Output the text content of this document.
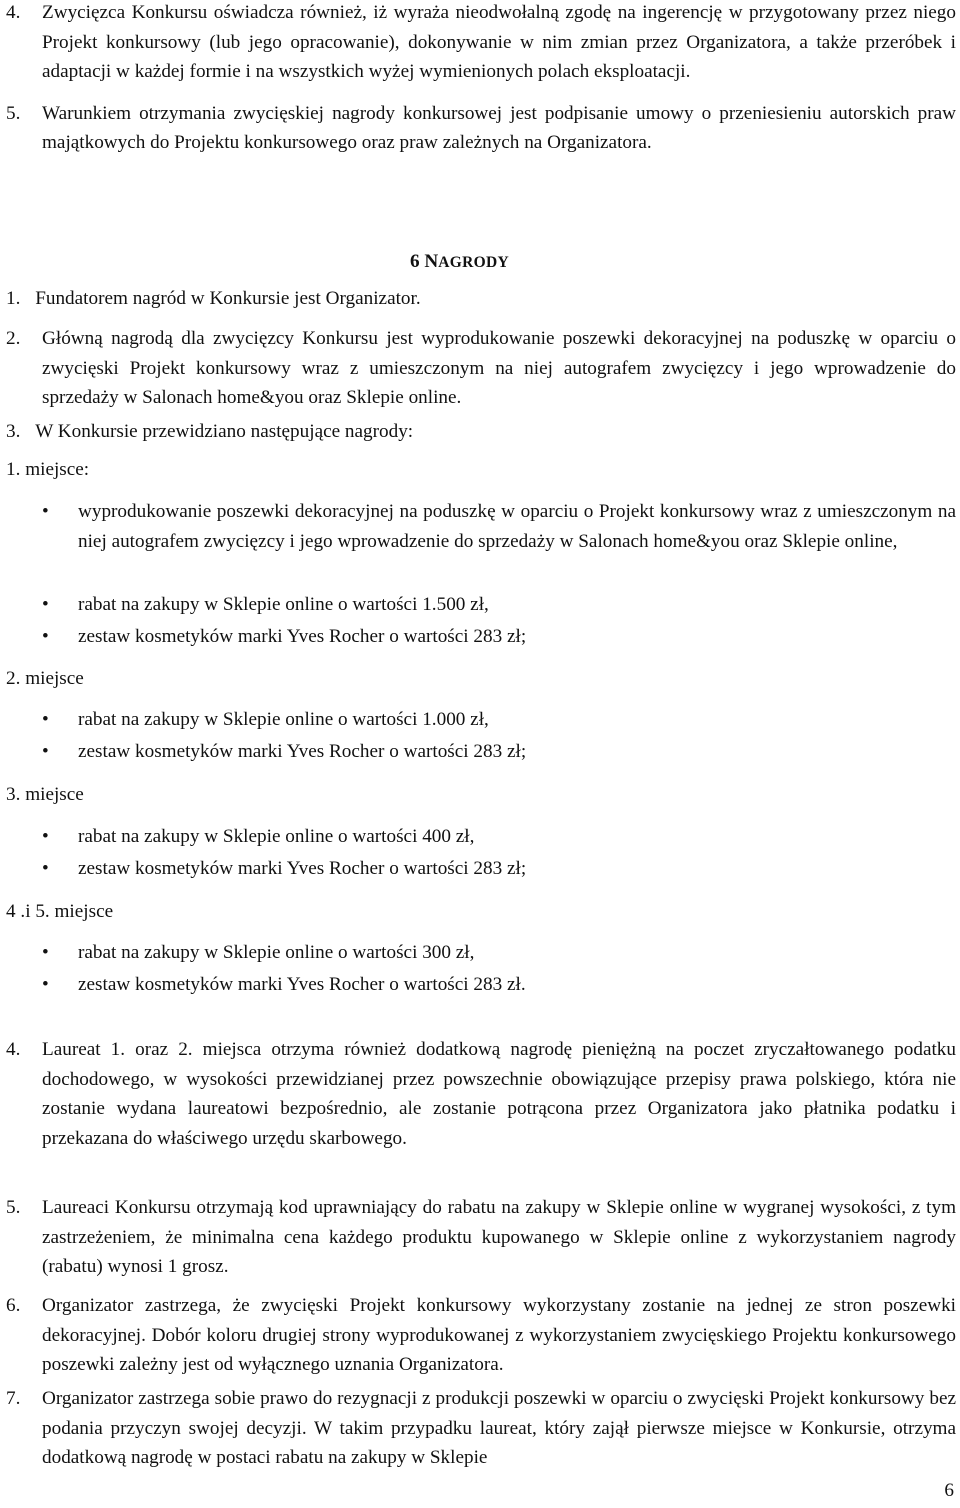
4. Zwycięzca Konkursu oświadcza również, iż wyraża nieodwołalną zgodę na ingerencję w przygotowany przez niego Projekt konkursowy (lub jego opracowanie), dokonywanie w nim zmian przez Organizatora, a także przeróbek i adaptacji w każdej formie i na wszystkich wyżej wymienionych polach eksploatacji.
5. Warunkiem otrzymania zwycięskiej nagrody konkursowej jest podpisanie umowy o przeniesieniu autorskich praw majątkowych do Projektu konkursowego oraz praw zależnych na Organizatora.
6 NAGRODY
1. Fundatorem nagród w Konkursie jest Organizator.
2. Główną nagrodą dla zwycięzcy Konkursu jest wyprodukowanie poszewki dekoracyjnej na poduszkę w oparciu o zwycięski Projekt konkursowy wraz z umieszczonym na niej autografem zwycięzcy i jego wprowadzenie do sprzedaży w Salonach home&you oraz Sklepie online.
3. W Konkursie przewidziano następujące nagrody:
1. miejsce:
• wyprodukowanie poszewki dekoracyjnej na poduszkę w oparciu o Projekt konkursowy wraz z umieszczonym na niej autografem zwycięzcy i jego wprowadzenie do sprzedaży w Salonach home&you oraz Sklepie online,
• rabat na zakupy w Sklepie online o wartości 1.500 zł,
• zestaw kosmetyków marki Yves Rocher o wartości 283 zł;
2. miejsce
• rabat na zakupy w Sklepie online o wartości 1.000 zł,
• zestaw kosmetyków marki Yves Rocher o wartości 283 zł;
3. miejsce
• rabat na zakupy w Sklepie online o wartości 400 zł,
• zestaw kosmetyków marki Yves Rocher o wartości 283 zł;
4 .i 5. miejsce
• rabat na zakupy w Sklepie online o wartości 300 zł,
• zestaw kosmetyków marki Yves Rocher o wartości 283 zł.
4. Laureat 1. oraz 2. miejsca otrzyma również dodatkową nagrodę pieniężną na poczet zryczałtowanego podatku dochodowego, w wysokości przewidzianej przez powszechnie obowiązujące przepisy prawa polskiego, która nie zostanie wydana laureatowi bezpośrednio, ale zostanie potrącona przez Organizatora jako płatnika podatku i przekazana do właściwego urzędu skarbowego.
5. Laureaci Konkursu otrzymają kod uprawniający do rabatu na zakupy w Sklepie online w wygranej wysokości, z tym zastrzeżeniem, że minimalna cena każdego produktu kupowanego w Sklepie online z wykorzystaniem nagrody (rabatu) wynosi 1 grosz.
6. Organizator zastrzega, że zwycięski Projekt konkursowy wykorzystany zostanie na jednej ze stron poszewki dekoracyjnej. Dobór koloru drugiej strony wyprodukowanej z wykorzystaniem zwycięskiego Projektu konkursowego poszewki zależny jest od wyłącznego uznania Organizatora.
7. Organizator zastrzega sobie prawo do rezygnacji z produkcji poszewki w oparciu o zwycięski Projekt konkursowy bez podania przyczyn swojej decyzji. W takim przypadku laureat, który zajął pierwsze miejsce w Konkursie, otrzyma dodatkową nagrodę w postaci rabatu na zakupy w Sklepie
6
